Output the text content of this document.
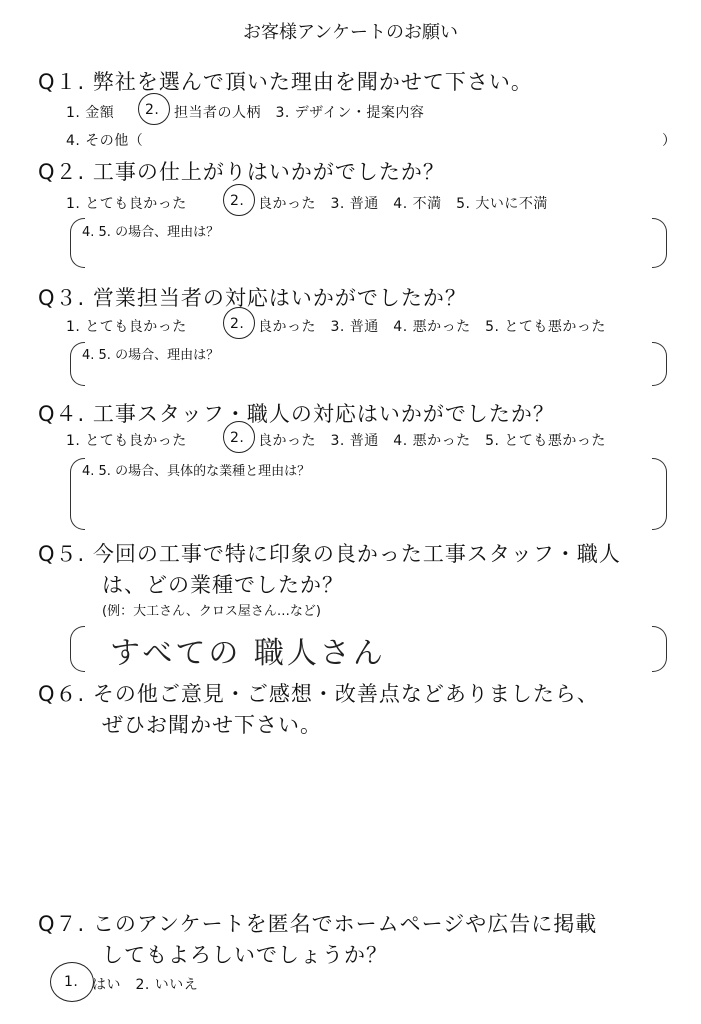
お客様アンケートのお願い
Q１. 弊社を選んで頂いた理由を聞かせて下さい。
1. 金額 2. 担当者の人柄　3. デザイン・提案内容
4. その他（	）
Q２. 工事の仕上がりはいかがでしたか？
1. とても良かった	2. 良かった　3. 普通　4. 不満　5. 大いに不満
4. 5. の場合、理由は？
Q３. 営業担当者の対応はいかがでしたか？
1. とても良かった	2. 良かった　3. 普通　4. 悪かった　5. とても悪かった
4. 5. の場合、理由は？
Q４. 工事スタッフ・職人の対応はいかがでしたか？
1. とても良かった	2. 良かった　3. 普通　4. 悪かった　5. とても悪かった
4. 5. の場合、具体的な業種と理由は？
Q５. 今回の工事で特に印象の良かった工事スタッフ・職人
は、どの業種でしたか？
(例：大工さん、クロス屋さん…など)
すべての 職人さん
Q６. その他ご意見・ご感想・改善点などありましたら、
ぜひお聞かせ下さい。
Q７. このアンケートを匿名でホームページや広告に掲載
してもよろしいでしょうか？
1. はい　2. いいえ
